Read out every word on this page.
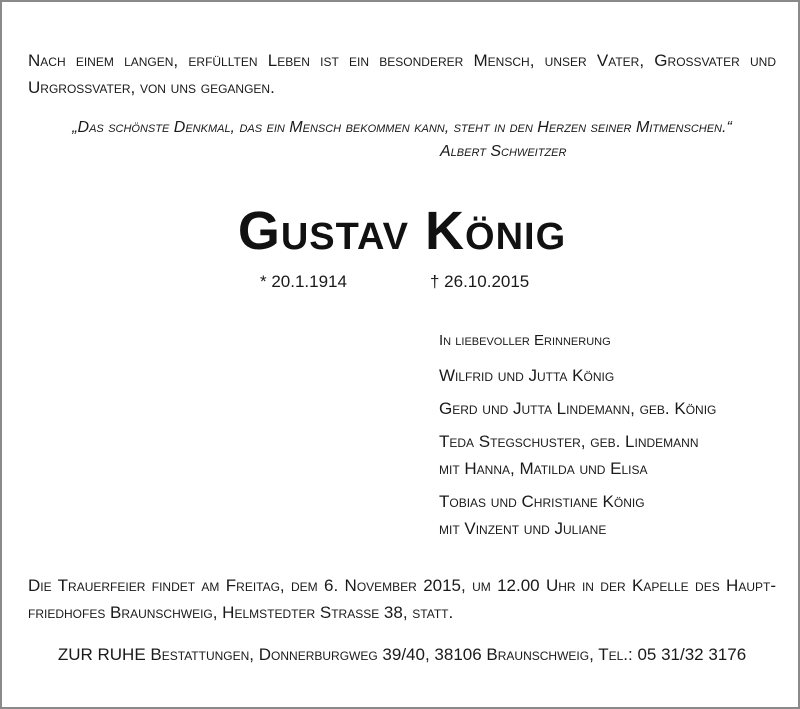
Nach einem langen, erfüllten Leben ist ein besonderer Mensch, unser Vater, Grossvater und Urgrossvater, von uns gegangen.
„Das schönste Denkmal, das ein Mensch bekommen kann, steht in den Herzen seiner Mitmenschen.“
Albert Schweitzer
Gustav König
* 20.1.1914	† 26.10.2015
In liebevoller Erinnerung
Wilfrid und Jutta König
Gerd und Jutta Lindemann, geb. König
Teda Stegschuster, geb. Lindemann
mit Hanna, Matilda und Elisa
Tobias und Christiane König
mit Vinzent und Juliane
Die Trauerfeier findet am Freitag, dem 6. November 2015, um 12.00 Uhr in der Kapelle des Haupt-friedhofes Braunschweig, Helmstedter Strasse 38, statt.
ZUR RUHE Bestattungen, Donnerburgweg 39/40, 38106 Braunschweig, Tel.: 05 31/32 3176
